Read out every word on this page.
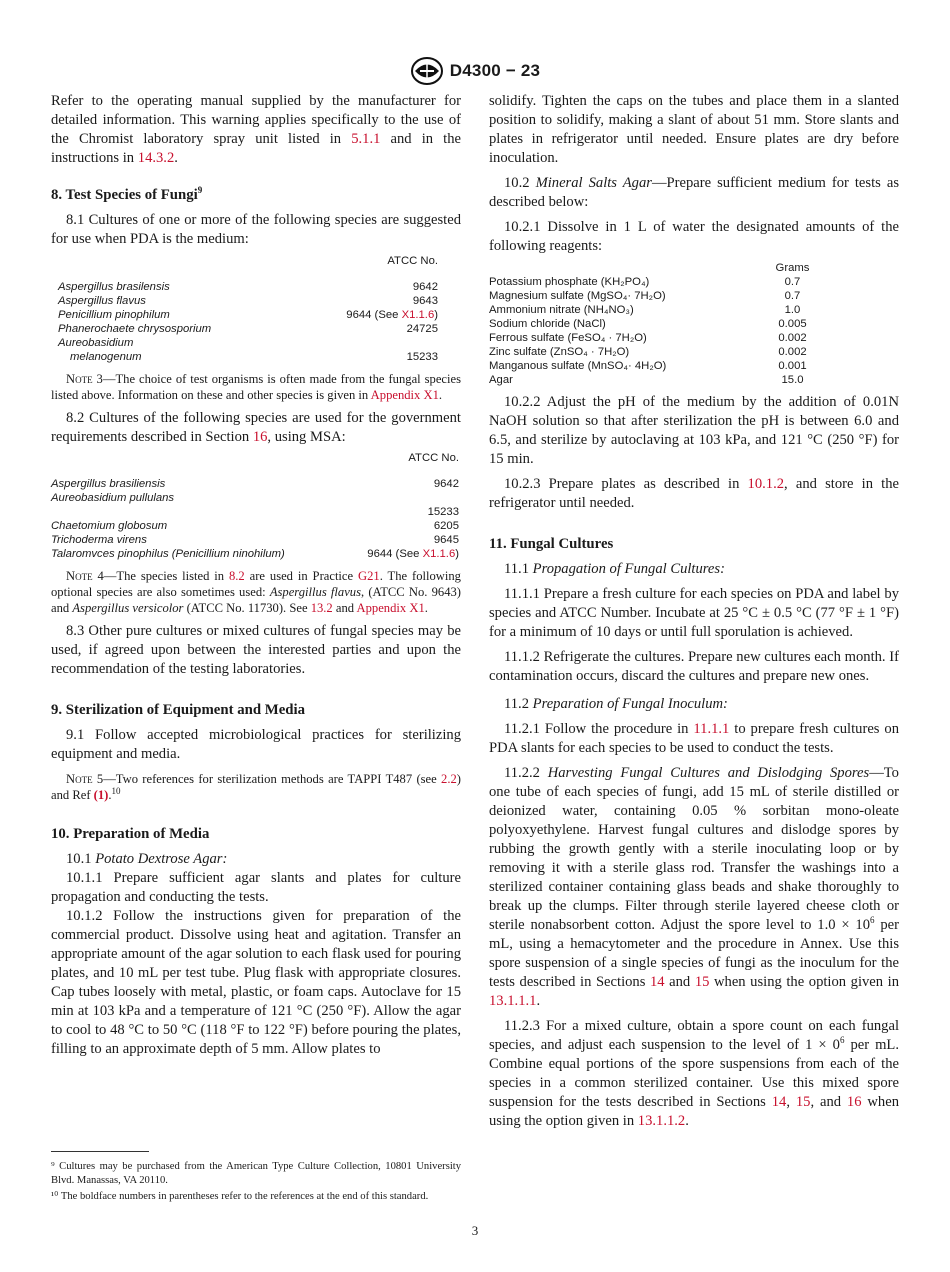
D4300 − 23

Refer to the operating manual supplied by the manufacturer for detailed information. This warning applies specifically to the use of the Chromist laboratory spray unit listed in 5.1.1 and in the instructions in 14.3.2.

8. Test Species of Fungi$^9$

8.1 Cultures of one or more of the following species are suggested for use when PDA is the medium:

	ATCC No.
Aspergillus brasilensis	9642
Aspergillus flavus	9643
Penicillium pinophilum	9644 (See X1.1.6)
Phanerochaete chrysosporium	24725
Aureobasidium	
melanogenum	15233
Note 3—The choice of test organisms is often made from the fungal species listed above. Information on these and other species is given in Appendix X1.

8.2 Cultures of the following species are used for the government requirements described in Section 16, using MSA:

	ATCC No.
Aspergillus brasiliensis	9642
Aureobasidium pullulans	
	15233
Chaetomium globosum	6205
Trichoderma virens	9645
Talaromvces pinophilus (Penicillium ninohilum)	9644 (See X1.1.6)
Note 4—The species listed in 8.2 are used in Practice G21. The following optional species are also sometimes used: Aspergillus flavus, (ATCC No. 9643) and Aspergillus versicolor (ATCC No. 11730). See 13.2 and Appendix X1.

8.3 Other pure cultures or mixed cultures of fungal species may be used, if agreed upon between the interested parties and upon the recommendation of the testing laboratories.

9. Sterilization of Equipment and Media

9.1 Follow accepted microbiological practices for sterilizing equipment and media.

Note 5—Two references for sterilization methods are TAPPI T487 (see 2.2) and Ref (1).$^{10}$
10. Preparation of Media

10.1 Potato Dextrose Agar:

10.1.1 Prepare sufficient agar slants and plates for culture propagation and conducting the tests.

10.1.2 Follow the instructions given for preparation of the commercial product. Dissolve using heat and agitation. Transfer an appropriate amount of the agar solution to each flask used for pouring plates, and 10 mL per test tube. Plug flask with appropriate closures. Cap tubes loosely with metal, plastic, or foam caps. Autoclave for 15 min at 103 kPa and a temperature of 121 °C (250 °F). Allow the agar to cool to 48 °C to 50 °C (118 °F to 122 °F) before pouring the plates, filling to an approximate depth of 5 mm. Allow plates to

⁹ Cultures may be purchased from the American Type Culture Collection, 10801 University Blvd. Manassas, VA 20110.
¹⁰ The boldface numbers in parentheses refer to the references at the end of this standard.

solidify. Tighten the caps on the tubes and place them in a slanted position to solidify, making a slant of about 51 mm. Store slants and plates in refrigerator until needed. Ensure plates are dry before inoculation.

10.2 Mineral Salts Agar—Prepare sufficient medium for tests as described below:

10.2.1 Dissolve in 1 L of water the designated amounts of the following reagents:

	Grams
Potassium phosphate (KH₂PO₄)	0.7
Magnesium sulfate (MgSO₄· 7H₂O)	0.7
Ammonium nitrate (NH₄NO₃)	1.0
Sodium chloride (NaCl)	0.005
Ferrous sulfate (FeSO₄ · 7H₂O)	0.002
Zinc sulfate (ZnSO₄ · 7H₂O)	0.002
Manganous sulfate (MnSO₄· 4H₂O)	0.001
Agar	15.0

10.2.2 Adjust the pH of the medium by the addition of 0.01N NaOH solution so that after sterilization the pH is between 6.0 and 6.5, and sterilize by autoclaving at 103 kPa, and 121 °C (250 °F) for 15 min.

10.2.3 Prepare plates as described in 10.1.2, and store in the refrigerator until needed.

11. Fungal Cultures

11.1 Propagation of Fungal Cultures:

11.1.1 Prepare a fresh culture for each species on PDA and label by species and ATCC Number. Incubate at 25 °C ± 0.5 °C (77 °F ± 1 °F) for a minimum of 10 days or until full sporulation is achieved.

11.1.2 Refrigerate the cultures. Prepare new cultures each month. If contamination occurs, discard the cultures and prepare new ones.

11.2 Preparation of Fungal Inoculum:

11.2.1 Follow the procedure in 11.1.1 to prepare fresh cultures on PDA slants for each species to be used to conduct the tests.

11.2.2 Harvesting Fungal Cultures and Dislodging Spores—To one tube of each species of fungi, add 15 mL of sterile distilled or deionized water, containing 0.05 % sorbitan mono-oleate polyoxyethylene. Harvest fungal cultures and dislodge spores by rubbing the growth gently with a sterile inoculating loop or by removing it with a sterile glass rod. Transfer the washings into a sterilized container containing glass beads and shake thoroughly to break up the clumps. Filter through sterile layered cheese cloth or sterile nonabsorbent cotton. Adjust the spore level to $1.0 \times 10^6$ per mL, using a hemacytometer and the procedure in Annex. Use this spore suspension of a single species of fungi as the inoculum for the tests described in Sections 14 and 15 when using the option given in 13.1.1.1.

11.2.3 For a mixed culture, obtain a spore count on each fungal species, and adjust each suspension to the level of $1 \times 0^6$ per mL. Combine equal portions of the spore suspensions from each of the species in a common sterilized container. Use this mixed spore suspension for the tests described in Sections 14, 15, and 16 when using the option given in 13.1.1.2.

3
